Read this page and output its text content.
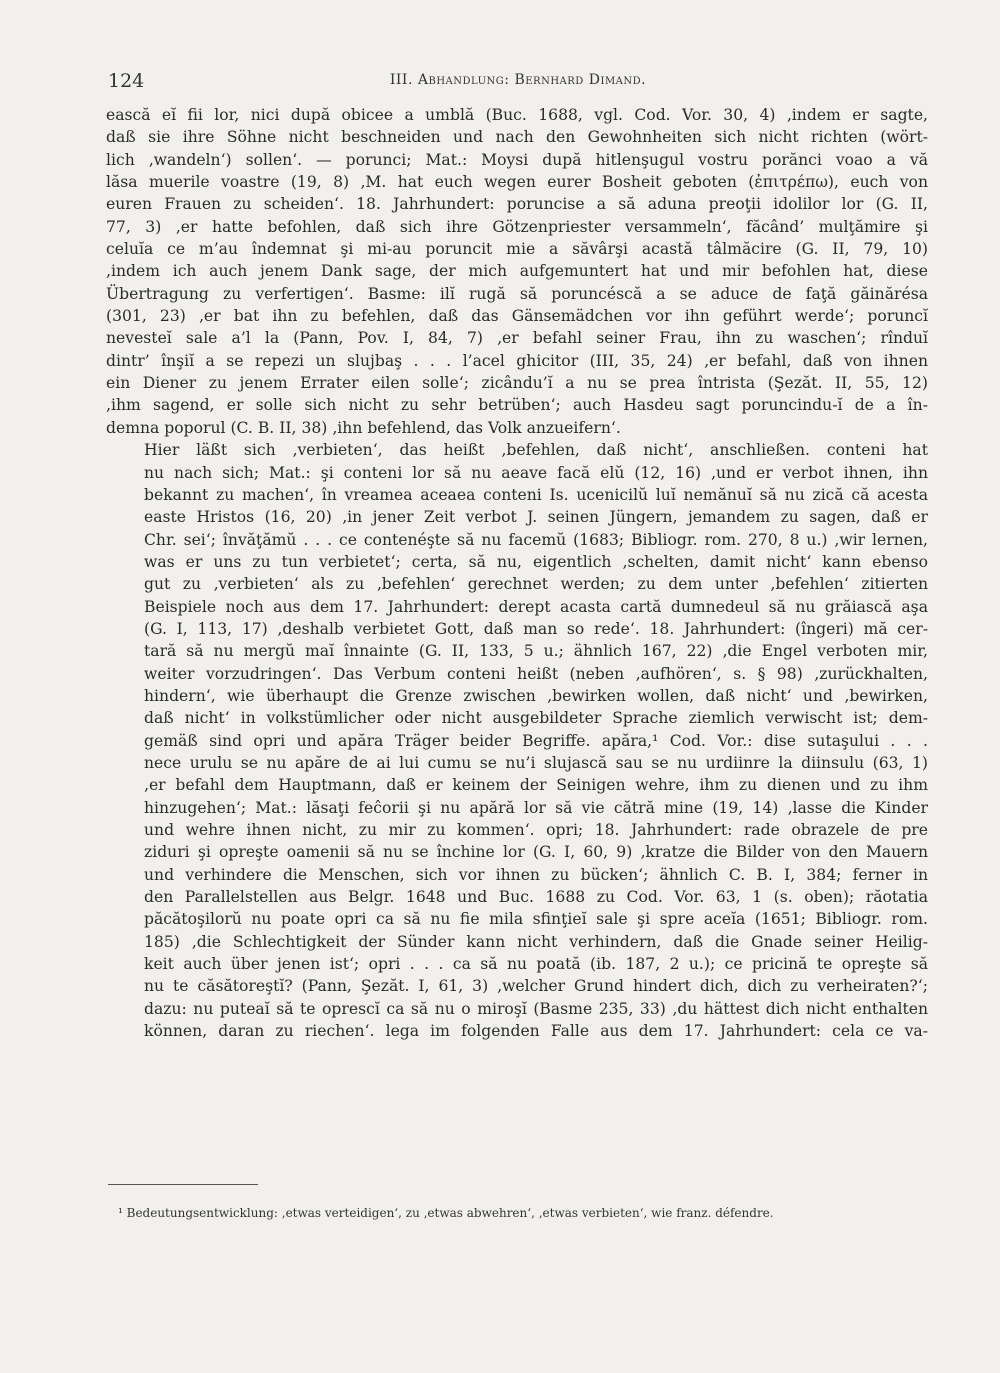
124	III. Abhandlung: Bernhard Dimand.
ească eĭ fii lor, nici după obicee a umblă (Buc. 1688, vgl. Cod. Vor. 30, 4) ‚indem er sagte,
daß sie ihre Söhne nicht beschneiden und nach den Gewohnheiten sich nicht richten (wört-
lich ‚wandeln‘) sollen‘. — porunci; Mat.: Moysi după hitlenşugul vostru porănci voao a vă
lăsa muerile voastre (19, 8) ‚M. hat euch wegen eurer Bosheit geboten (ἐπιτρέπω), euch von
euren Frauen zu scheiden‘. 18. Jahrhundert: poruncise a să aduna preoţii idolilor lor (G. II,
77, 3) ‚er hatte befohlen, daß sich ihre Götzenpriester versammeln‘, făcând’ mulţămire şi
celuĭa ce m’au îndemnat şi mi-au poruncit mie a săvârşi acastă tâlmăcire (G. II, 79, 10)
‚indem ich auch jenem Dank sage, der mich aufgemuntert hat und mir befohlen hat, diese
Übertragung zu verfertigen‘. Basme: ilĭ rugă să poruncéscă a se aduce de faţă găinărésa
(301, 23) ‚er bat ihn zu befehlen, daß das Gänsemädchen vor ihn geführt werde‘; poruncĭ
nevesteĭ sale a’l la (Pann, Pov. I, 84, 7) ‚er befahl seiner Frau, ihn zu waschen‘; rînduĭ
dintr’ înşiĭ a se repezi un slujbaş . . . l’acel ghicitor (III, 35, 24) ‚er befahl, daß von ihnen
ein Diener zu jenem Errater eilen solle‘; zicându’ĭ a nu se prea întrista (Şezăt. II, 55, 12)
‚ihm sagend, er solle sich nicht zu sehr betrüben‘; auch Hasdeu sagt poruncindu-ĭ de a în-
demna poporul (C. B. II, 38) ‚ihn befehlend, das Volk anzueifern‘.
Hier läßt sich ‚verbieten‘, das heißt ‚befehlen, daß nicht‘, anschließen. conteni hat
nu nach sich; Mat.: şi conteni lor să nu aeave facă elŭ (12, 16) ‚und er verbot ihnen, ihn
bekannt zu machen‘, în vreamea aceaea conteni Is. ucenicilŭ luĭ nemănuĭ să nu zică că acesta
easte Hristos (16, 20) ‚in jener Zeit verbot J. seinen Jüngern, jemandem zu sagen, daß er
Chr. sei‘; învăţămŭ . . . ce contenéşte să nu facemŭ (1683; Bibliogr. rom. 270, 8 u.) ‚wir lernen,
was er uns zu tun verbietet‘; certa, să nu, eigentlich ‚schelten, damit nicht‘ kann ebenso
gut zu ‚verbieten‘ als zu ‚befehlen‘ gerechnet werden; zu dem unter ‚befehlen‘ zitierten
Beispiele noch aus dem 17. Jahrhundert: derept acasta cartă dumnedeul să nu grăiască aşa
(G. I, 113, 17) ‚deshalb verbietet Gott, daß man so rede‘. 18. Jahrhundert: (îngeri) mă cer-
tară să nu mergŭ maĭ înnainte (G. II, 133, 5 u.; ähnlich 167, 22) ‚die Engel verboten mir,
weiter vorzudringen‘. Das Verbum conteni heißt (neben ‚aufhören‘, s. § 98) ‚zurückhalten,
hindern‘, wie überhaupt die Grenze zwischen ‚bewirken wollen, daß nicht‘ und ‚bewirken,
daß nicht‘ in volkstümlicher oder nicht ausgebildeter Sprache ziemlich verwischt ist; dem-
gemäß sind opri und apăra Träger beider Begriffe. apăra,¹ Cod. Vor.: dise sutaşului . . .
nece urulu se nu apăre de ai lui cumu se nu’i slujască sau se nu urdiinre la diinsulu (63, 1)
‚er befahl dem Hauptmann, daß er keinem der Seinigen wehre, ihm zu dienen und zu ihm
hinzugehen‘; Mat.: lăsaţi feĉorii şi nu apără lor să vie cătră mine (19, 14) ‚lasse die Kinder
und wehre ihnen nicht, zu mir zu kommen‘. opri; 18. Jahrhundert: rade obrazele de pre
ziduri şi opreşte oamenii să nu se închine lor (G. I, 60, 9) ‚kratze die Bilder von den Mauern
und verhindere die Menschen, sich vor ihnen zu bücken‘; ähnlich C. B. I, 384; ferner in
den Parallelstellen aus Belgr. 1648 und Buc. 1688 zu Cod. Vor. 63, 1 (s. oben); răotatia
păcătoşilorŭ nu poate opri ca să nu fie mila sfinţieĭ sale şi spre aceĭa (1651; Bibliogr. rom.
185) ‚die Schlechtigkeit der Sünder kann nicht verhindern, daß die Gnade seiner Heilig-
keit auch über jenen ist‘; opri . . . ca să nu poată (ib. 187, 2 u.); ce pricină te opreşte să
nu te căsătoreştĭ? (Pann, Şezăt. I, 61, 3) ‚welcher Grund hindert dich, dich zu verheiraten?‘;
dazu: nu puteaĭ să te oprescĭ ca să nu o miroşĭ (Basme 235, 33) ‚du hättest dich nicht enthalten
können, daran zu riechen‘. lega im folgenden Falle aus dem 17. Jahrhundert: cela ce va-
¹ Bedeutungsentwicklung: ‚etwas verteidigen‘, zu ‚etwas abwehren‘, ‚etwas verbieten‘, wie franz. défendre.
